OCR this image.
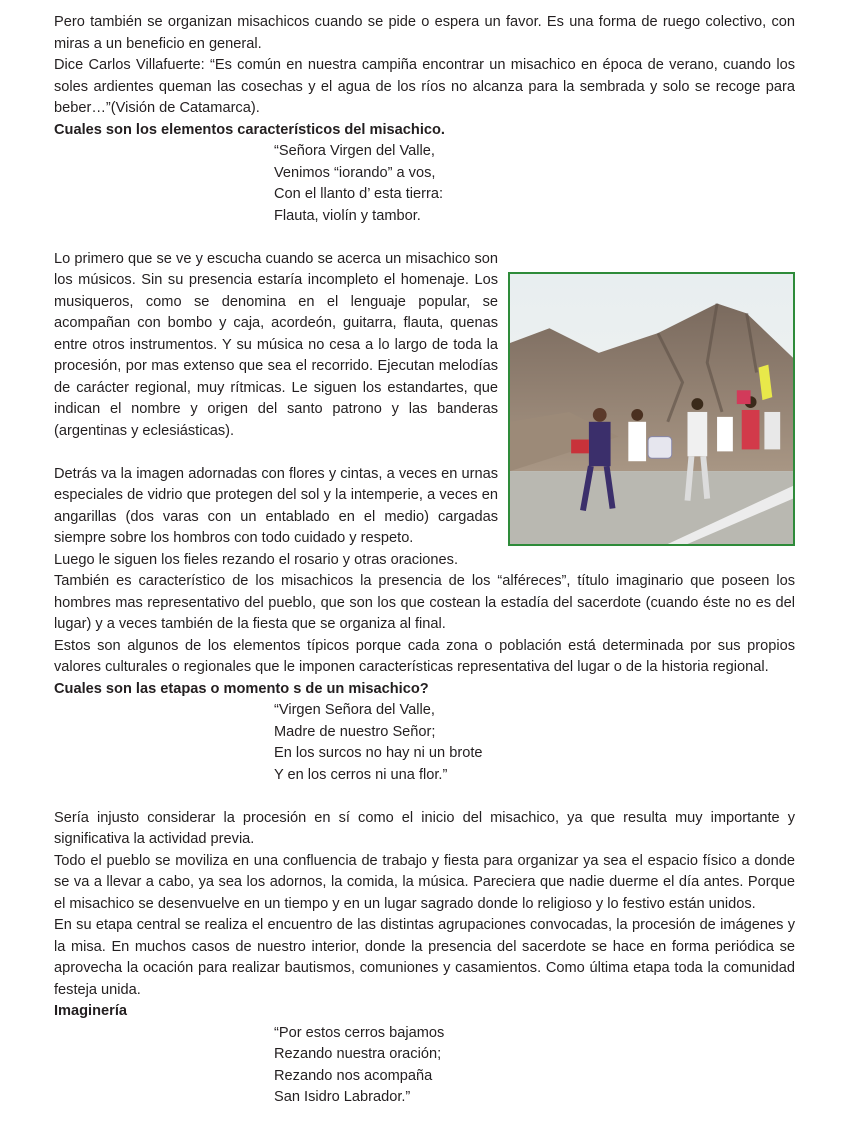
Pero también se organizan misachicos cuando se pide o espera un favor. Es una forma de ruego colectivo, con miras a un beneficio en general.

Dice Carlos Villafuerte: “Es común en nuestra campiña encontrar un misachico en época de verano, cuando los soles ardientes queman las cosechas y el agua de los ríos no alcanza para la sembrada y solo se recoge para beber…”(Visión de Catamarca).

Cuales son los elementos característicos del misachico.

“Señora Virgen del Valle,

Venimos “iorando” a vos,

Con el llanto d’ esta tierra:

Flauta, violín y tambor.

Lo primero que se ve y escucha cuando se acerca un misachico son los músicos. Sin su presencia estaría incompleto el homenaje. Los musiqueros, como se denomina en el lenguaje popular, se acompañan con bombo y caja, acordeón, guitarra, flauta, quenas entre otros instrumentos. Y su música no cesa a lo largo de toda la procesión, por mas extenso que sea el recorrido. Ejecutan melodías de carácter regional, muy rítmicas. Le siguen los estandartes, que indican el nombre y origen del santo patrono y las banderas (argentinas y eclesiásticas).

Detrás va la imagen adornadas con flores y cintas, a veces en urnas especiales de vidrio que protegen del sol y la intemperie, a veces en angarillas (dos varas con un entablado en el medio) cargadas siempre sobre los hombros con todo cuidado y respeto.

Luego le siguen los fieles rezando el rosario y otras oraciones.

También es característico de los misachicos la presencia de los “alféreces”, título imaginario que poseen los hombres mas representativo del pueblo, que son los que costean la estadía del sacerdote (cuando éste no es del lugar) y a veces también de la fiesta que se organiza al final.

Estos son algunos de los elementos típicos porque cada zona o población está determinada por sus propios valores culturales o regionales que le imponen características representativa del lugar o de la historia regional.

Cuales son las etapas o momento s de un misachico?

“Virgen Señora del Valle,

Madre de nuestro Señor;

En los surcos no hay ni un brote

Y en los cerros ni una flor.”

Sería injusto considerar la procesión en sí como el inicio del misachico, ya que resulta muy importante y significativa la actividad previa.

Todo el pueblo se moviliza en una confluencia de trabajo y fiesta para organizar ya sea el espacio físico a donde se va a llevar a cabo, ya sea los adornos, la comida, la música. Pareciera que nadie duerme el día antes. Porque el misachico se desenvuelve en un tiempo y en un lugar sagrado donde lo religioso y lo festivo están unidos.

En su etapa central se realiza el encuentro de las distintas agrupaciones convocadas, la procesión de imágenes y la misa. En muchos casos de nuestro interior, donde la presencia del sacerdote se hace en forma periódica se aprovecha la ocación para realizar bautismos, comuniones y casamientos. Como última etapa toda la comunidad festeja unida.

Imaginería

“Por estos cerros bajamos

Rezando nuestra oración;

Rezando nos acompaña

San Isidro Labrador.”
